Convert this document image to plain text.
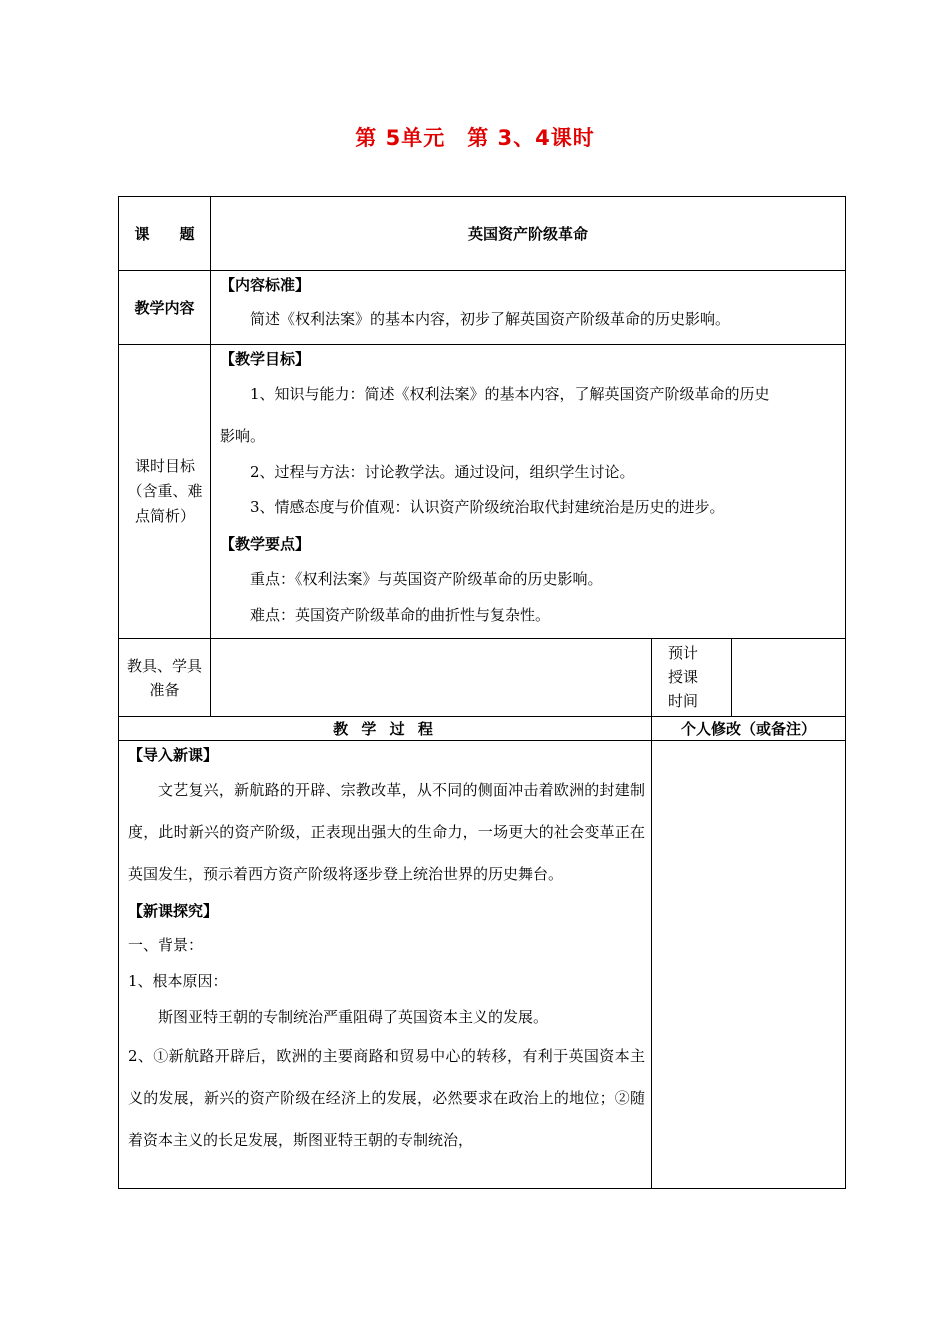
第 5单元　第 3、4课时
课　　题	英国资产阶级革命
教学内容

【内容标准】

简述《权利法案》的基本内容，初步了解英国资产阶级革命的历史影响。

课时目标（含重、难点简析）

【教学目标】

1、知识与能力：简述《权利法案》的基本内容，了解英国资产阶级革命的历史

影响。

2、过程与方法：讨论教学法。通过设问，组织学生讨论。

3、情感态度与价值观：认识资产阶级统治取代封建统治是历史的进步。

【教学要点】

重点：《权利法案》与英国资产阶级革命的历史影响。

难点：英国资产阶级革命的曲折性与复杂性。

教具、学具准备
预计授课时间
教 学 过 程	个人修改（或备注）

【导入新课】

文艺复兴，新航路的开辟、宗教改革，从不同的侧面冲击着欧洲的封建制度，此时新兴的资产阶级，正表现出强大的生命力，一场更大的社会变革正在英国发生，预示着西方资产阶级将逐步登上统治世界的历史舞台。

【新课探究】

一、背景：

1、根本原因：

斯图亚特王朝的专制统治严重阻碍了英国资本主义的发展。

2、①新航路开辟后，欧洲的主要商路和贸易中心的转移，有利于英国资本主义的发展，新兴的资产阶级在经济上的发展，必然要求在政治上的地位；②随着资本主义的长足发展，斯图亚特王朝的专制统治，
